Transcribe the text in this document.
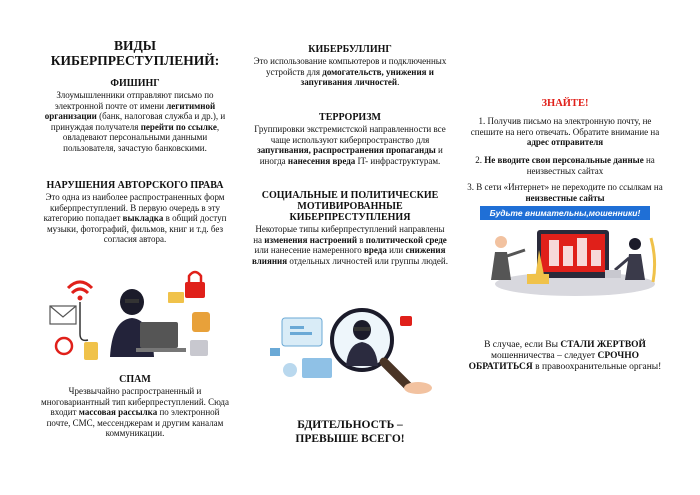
ВИДЫ
КИБЕРПРЕСТУПЛЕНИЙ:
ФИШИНГ
Злоумышленники отправляют письмо по электронной почте от имени легитимной организации (банк, налоговая служба и др.), и принуждая получателя перейти по ссылке, овладевают персональными данными пользователя, зачастую банковскими.
НАРУШЕНИЯ АВТОРСКОГО ПРАВА
Это одна из наиболее распространенных форм киберпреступлений. В первую очередь в эту категорию попадает выкладка в общий доступ музыки, фотографий, фильмов, книг и т.д. без согласия автора.
СПАМ
Чрезвычайно распространенный и многовариантный тип киберпреступлений. Сюда входит массовая рассылка по электронной почте, СМС, мессенджерам и другим каналам коммуникации.
КИБЕРБУЛЛИНГ
Это использование компьютеров и подключенных устройств для домогательств, унижения и запугивания личностей.
ТЕРРОРИЗМ
Группировки экстремистской направленности все чаще используют киберпространство для запугивания, распространения пропаганды и иногда нанесения вреда IT- инфраструктурам.
СОЦИАЛЬНЫЕ И ПОЛИТИЧЕСКИЕ МОТИВИРОВАННЫЕ КИБЕРПРЕСТУПЛЕНИЯ
Некоторые типы киберпреступлений направлены на изменения настроений в политической среде или нанесение намеренного вреда или снижения влияния отдельных личностей или группы людей.
БДИТЕЛЬНОСТЬ – ПРЕВЫШЕ ВСЕГО!
ЗНАЙТЕ!
1. Получив письмо на электронную почту, не спешите на него отвечать. Обратите внимание на адрес отправителя
2. Не вводите свои персональные данные на неизвестных сайтах
3. В сети «Интернет» не переходите по ссылкам на неизвестные сайты
Будьте внимательны,мошенники!
В случае, если Вы СТАЛИ ЖЕРТВОЙ мошенничества – следует СРОЧНО ОБРАТИТЬСЯ в правоохранительные органы!
